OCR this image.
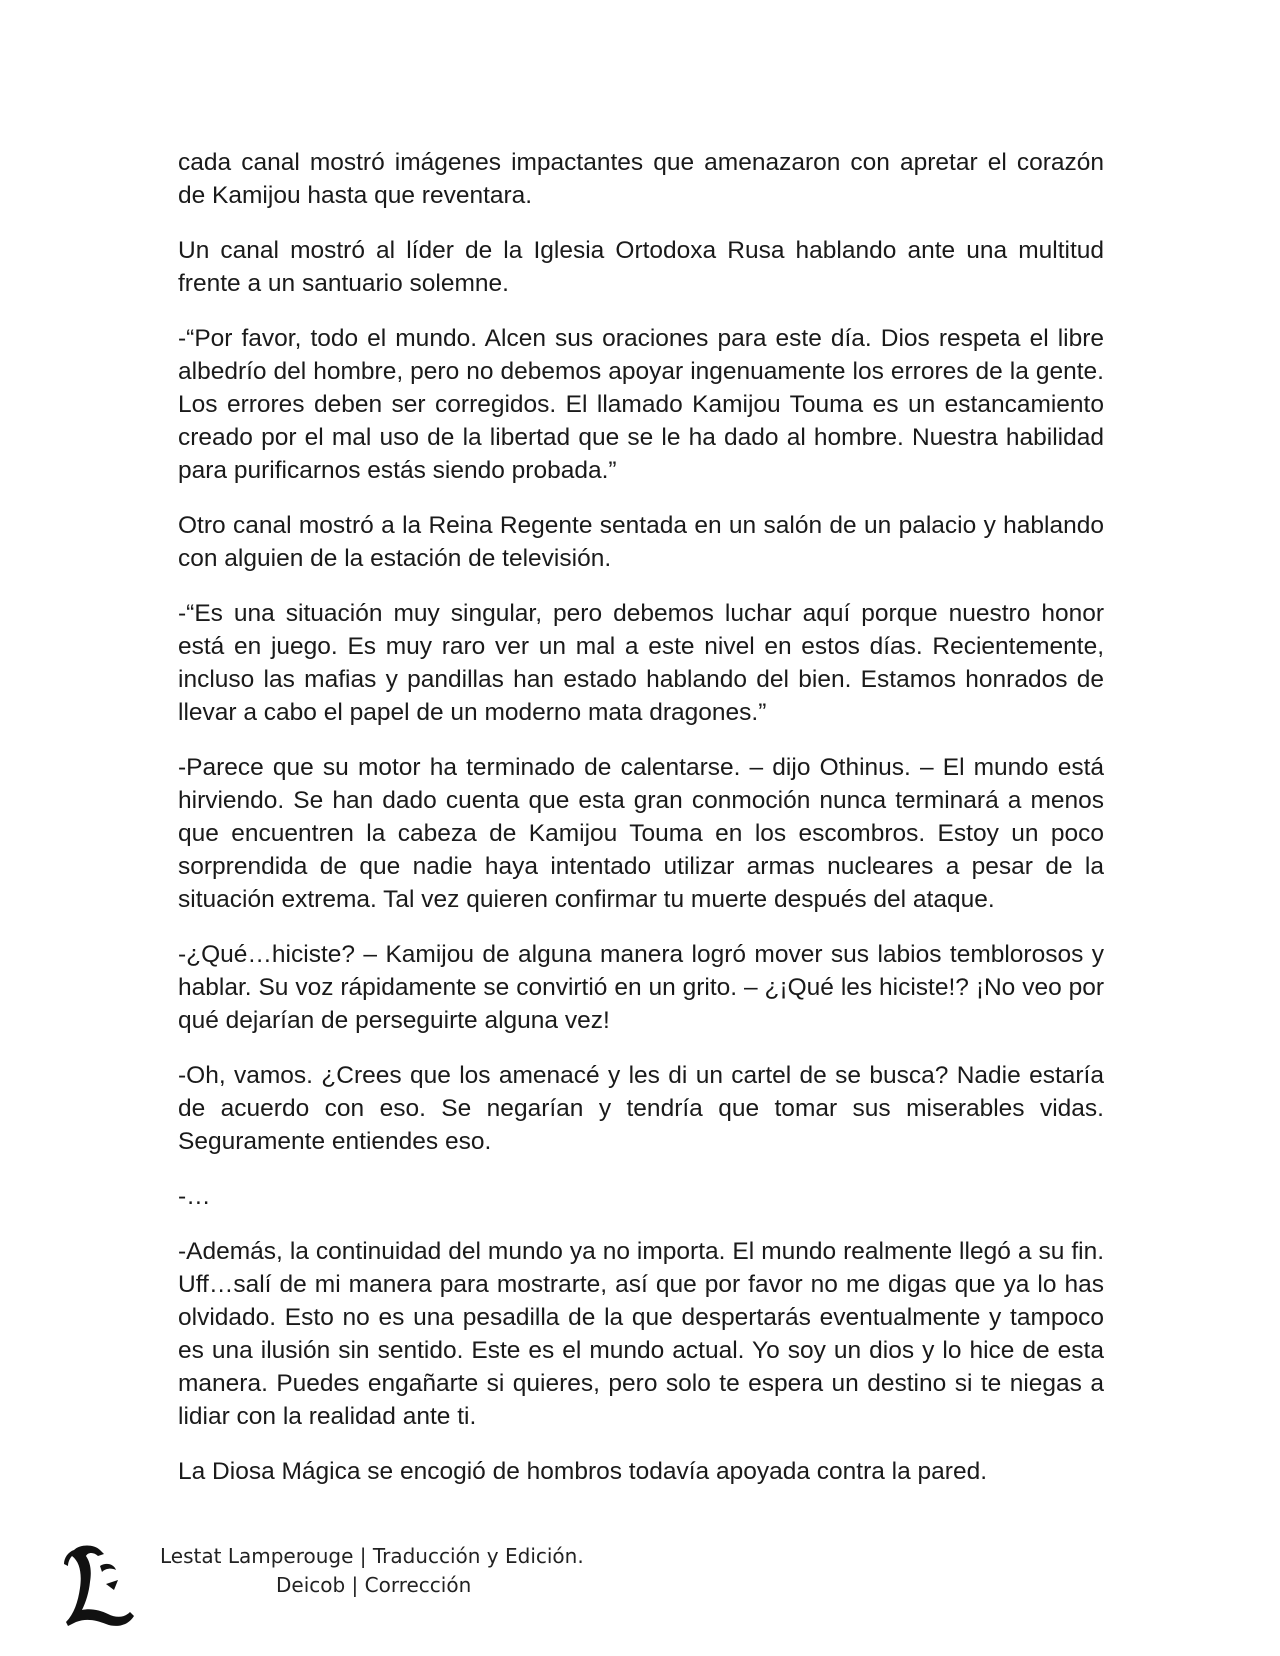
cada canal mostró imágenes impactantes que amenazaron con apretar el corazón de Kamijou hasta que reventara.

Un canal mostró al líder de la Iglesia Ortodoxa Rusa hablando ante una multitud frente a un santuario solemne.

-“Por favor, todo el mundo. Alcen sus oraciones para este día. Dios respeta el libre albedrío del hombre, pero no debemos apoyar ingenuamente los errores de la gente. Los errores deben ser corregidos. El llamado Kamijou Touma es un estancamiento creado por el mal uso de la libertad que se le ha dado al hombre. Nuestra habilidad para purificarnos estás siendo probada.”

Otro canal mostró a la Reina Regente sentada en un salón de un palacio y hablando con alguien de la estación de televisión.

-“Es una situación muy singular, pero debemos luchar aquí porque nuestro honor está en juego. Es muy raro ver un mal a este nivel en estos días. Recientemente, incluso las mafias y pandillas han estado hablando del bien. Estamos honrados de llevar a cabo el papel de un moderno mata dragones.”

-Parece que su motor ha terminado de calentarse. – dijo Othinus. – El mundo está hirviendo. Se han dado cuenta que esta gran conmoción nunca terminará a menos que encuentren la cabeza de Kamijou Touma en los escombros. Estoy un poco sorprendida de que nadie haya intentado utilizar armas nucleares a pesar de la situación extrema. Tal vez quieren confirmar tu muerte después del ataque.

-¿Qué…hiciste? – Kamijou de alguna manera logró mover sus labios temblorosos y hablar. Su voz rápidamente se convirtió en un grito. – ¿¡Qué les hiciste!? ¡No veo por qué dejarían de perseguirte alguna vez!

-Oh, vamos. ¿Crees que los amenacé y les di un cartel de se busca? Nadie estaría de acuerdo con eso. Se negarían y tendría que tomar sus miserables vidas. Seguramente entiendes eso.

-…

-Además, la continuidad del mundo ya no importa. El mundo realmente llegó a su fin. Uff…salí de mi manera para mostrarte, así que por favor no me digas que ya lo has olvidado. Esto no es una pesadilla de la que despertarás eventualmente y tampoco es una ilusión sin sentido. Este es el mundo actual. Yo soy un dios y lo hice de esta manera. Puedes engañarte si quieres, pero solo te espera un destino si te niegas a lidiar con la realidad ante ti.

La Diosa Mágica se encogió de hombros todavía apoyada contra la pared.

Lestat Lamperouge | Traducción y Edición.
Deicob | Corrección
